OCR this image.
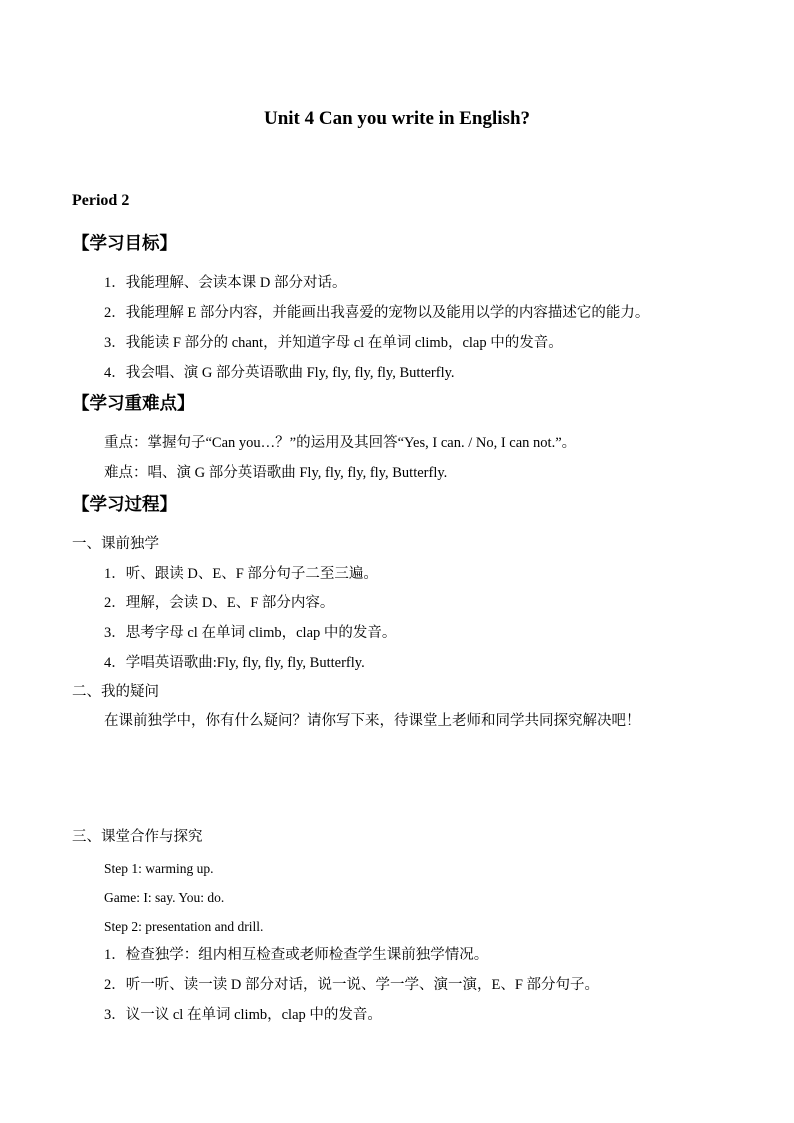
Unit 4 Can you write in English?
Period 2
【学习目标】
1．我能理解、会读本课 D 部分对话。
2．我能理解 E 部分内容，并能画出我喜爱的宠物以及能用以学的内容描述它的能力。
3．我能读 F 部分的 chant，并知道字母 cl 在单词 climb，clap 中的发音。
4．我会唱、演 G 部分英语歌曲 Fly, fly, fly, fly, Butterfly.
【学习重难点】
重点：掌握句子“Can you…？”的运用及其回答“Yes, I can. / No, I can not.”。
难点：唱、演 G 部分英语歌曲 Fly, fly, fly, fly, Butterfly.
【学习过程】
一、课前独学
1．听、跟读 D、E、F 部分句子二至三遍。
2．理解，会读 D、E、F 部分内容。
3．思考字母 cl 在单词 climb，clap 中的发音。
4．学唱英语歌曲:Fly, fly, fly, fly, Butterfly.
二、我的疑问
在课前独学中，你有什么疑问？请你写下来，待课堂上老师和同学共同探究解决吧！
三、课堂合作与探究
Step 1: warming up.
Game: I: say. You: do.
Step 2: presentation and drill.
1．检查独学：组内相互检查或老师检查学生课前独学情况。
2．听一听、读一读 D 部分对话，说一说、学一学、演一演，E、F 部分句子。
3．议一议 cl 在单词 climb，clap 中的发音。
